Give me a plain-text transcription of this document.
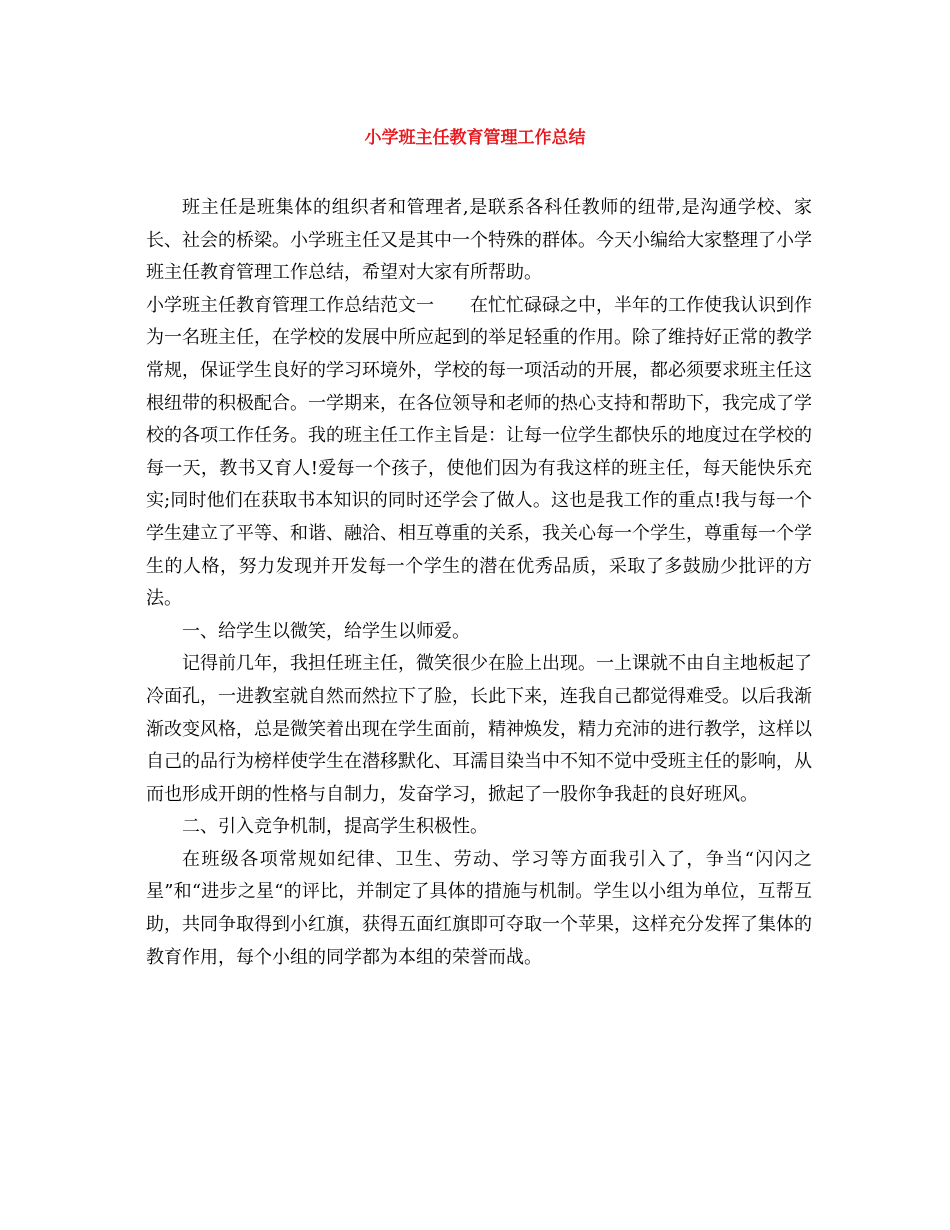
小学班主任教育管理工作总结

班主任是班集体的组织者和管理者,是联系各科任教师的纽带,是沟通学校、家长、社会的桥梁。小学班主任又是其中一个特殊的群体。今天小编给大家整理了小学班主任教育管理工作总结，希望对大家有所帮助。

小学班主任教育管理工作总结范文一　　在忙忙碌碌之中，半年的工作使我认识到作为一名班主任，在学校的发展中所应起到的举足轻重的作用。除了维持好正常的教学常规，保证学生良好的学习环境外，学校的每一项活动的开展，都必须要求班主任这根纽带的积极配合。一学期来，在各位领导和老师的热心支持和帮助下，我完成了学校的各项工作任务。我的班主任工作主旨是：让每一位学生都快乐的地度过在学校的每一天，教书又育人!爱每一个孩子，使他们因为有我这样的班主任，每天能快乐充实;同时他们在获取书本知识的同时还学会了做人。这也是我工作的重点!我与每一个学生建立了平等、和谐、融洽、相互尊重的关系，我关心每一个学生，尊重每一个学生的人格，努力发现并开发每一个学生的潜在优秀品质，采取了多鼓励少批评的方法。

一、给学生以微笑，给学生以师爱。

记得前几年，我担任班主任，微笑很少在脸上出现。一上课就不由自主地板起了冷面孔，一进教室就自然而然拉下了脸，长此下来，连我自己都觉得难受。以后我渐渐改变风格，总是微笑着出现在学生面前，精神焕发，精力充沛的进行教学，这样以自己的品行为榜样使学生在潜移默化、耳濡目染当中不知不觉中受班主任的影响，从而也形成开朗的性格与自制力，发奋学习，掀起了一股你争我赶的良好班风。

二、引入竞争机制，提高学生积极性。

在班级各项常规如纪律、卫生、劳动、学习等方面我引入了，争当“闪闪之星”和“进步之星“的评比，并制定了具体的措施与机制。学生以小组为单位，互帮互助，共同争取得到小红旗，获得五面红旗即可夺取一个苹果，这样充分发挥了集体的教育作用，每个小组的同学都为本组的荣誉而战。
